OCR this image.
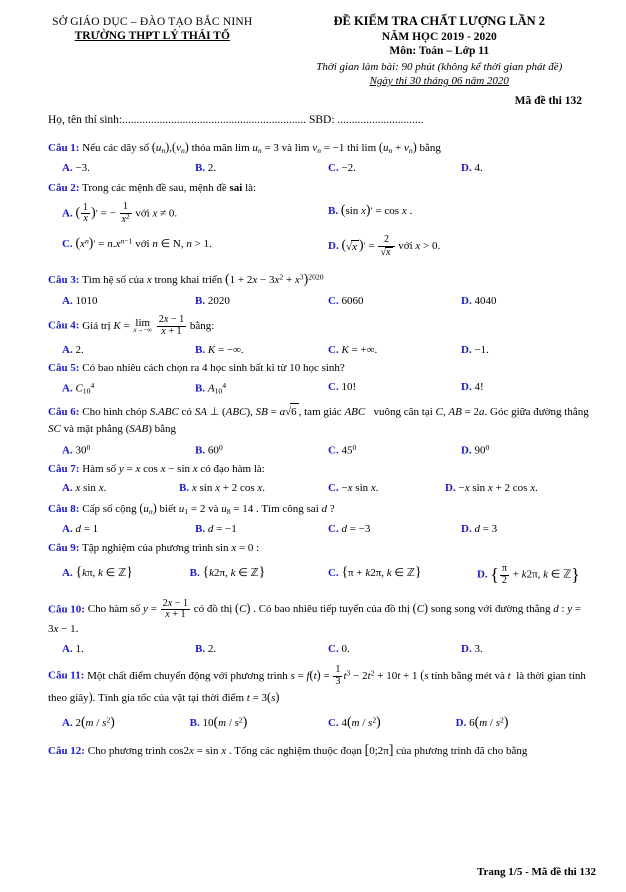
SỞ GIÁO DỤC – ĐÀO TẠO BẮC NINH
TRƯỜNG THPT LÝ THÁI TỔ
ĐỀ KIỂM TRA CHẤT LƯỢNG LẦN 2
NĂM HỌC 2019 - 2020
Môn: Toán – Lớp 11
Thời gian làm bài: 90 phút (không kể thời gian phát đề)
Ngày thi 30 tháng 06 năm 2020
Mã đề thi 132
Họ, tên thí sinh:................................................................ SBD: ..............................
Câu 1: Nếu các dãy số $(u_n),(v_n)$ thỏa mãn $\lim u_n = 3$ và $\lim v_n = -1$ thi $\lim (u_n + v_n)$ bằng
A. −3.	B. 2.	C. −2.	D. 4.
Câu 2: Trong các mệnh đề sau, mệnh đề sai là:
A. ( $\frac{1}{x}$ )′ = − $\frac{1}{x^2}$ với x ≠ 0.	B. (sin x)′ = cos x .
C. $(x^n)' = n.x^{n-1}$ với n ∈ N, n > 1.	D. (√x )′ = $\frac{2}{√x}$ với x > 0.
Câu 3: Tìm hệ số của x trong khai triển $(1 + 2x - 3x^2 + x^3)^{2020}$
A. 1010	B. 2020	C. 6060	D. 4040
Câu 4: Giá trị K = lim
x→−∞
$\frac{2x - 1}{x + 1}$ bằng:
A. 2.	B. K = −∞.	C. K = +∞.	D. −1.
Câu 5: Có bao nhiêu cách chọn ra 4 học sinh bất kì từ 10 học sinh?
A. $C_{10}^4$	B. $A_{10}^4$	C. 10!	D. 4!
Câu 6: Cho hình chóp S.ABC có SA ⊥ (ABC), SB = a√6 , tam giác ABC   vuông cân tại C, AB = 2a. Góc giữa đường thẳng SC và mặt phẳng (SAB) bằng
A. $30^0$	B. $60^0$	C. $45^0$	D. $90^0$
Câu 7: Hàm số y = x cos x − sin x có đạo hàm là:
A. x sin x.	B. x sin x + 2 cos x.	C. −x sin x.	D. −x sin x + 2 cos x.
Câu 8: Cấp số cộng $(u_n)$ biết $u_1 = 2$ và $u_8 = 14$ . Tìm công sai d ?
A. d = 1	B. d = −1	C. d = −3	D. d = 3
Câu 9: Tập nghiệm của phương trình sin x = 0 :
A. {kπ, k ∈ ℤ}	B. {k2π, k ∈ ℤ}	C. {π + k2π, k ∈ ℤ}	D. { $\frac{\pi}{2} + k2\pi$, k ∈ ℤ}
Câu 10: Cho hàm số $y = \frac{2x - 1}{x + 1}$ có đồ thị (C) . Có bao nhiêu tiếp tuyến của đồ thị (C) song song với đường thẳng d : y = 3x − 1.
A. 1.	B. 2.	C. 0.	D. 3.
Câu 11: Một chất điểm chuyển động với phương trình $s = f(t) = \frac{1}{3} t^3 - 2t^2 + 10t + 1$ (s tính bằng mét và t  là thời gian tính theo giây). Tính gia tốc của vật tại thời điểm t = 3(s)
A. $2(m / s^2)$	B. $10(m / s^2)$	C. $4(m / s^2)$	D. $6(m / s^2)$
Câu 12: Cho phương trình cos2x = sin x . Tổng các nghiệm thuộc đoạn [0;2π] của phương trình đã cho bằng
Trang 1/5 - Mã đề thi 132
